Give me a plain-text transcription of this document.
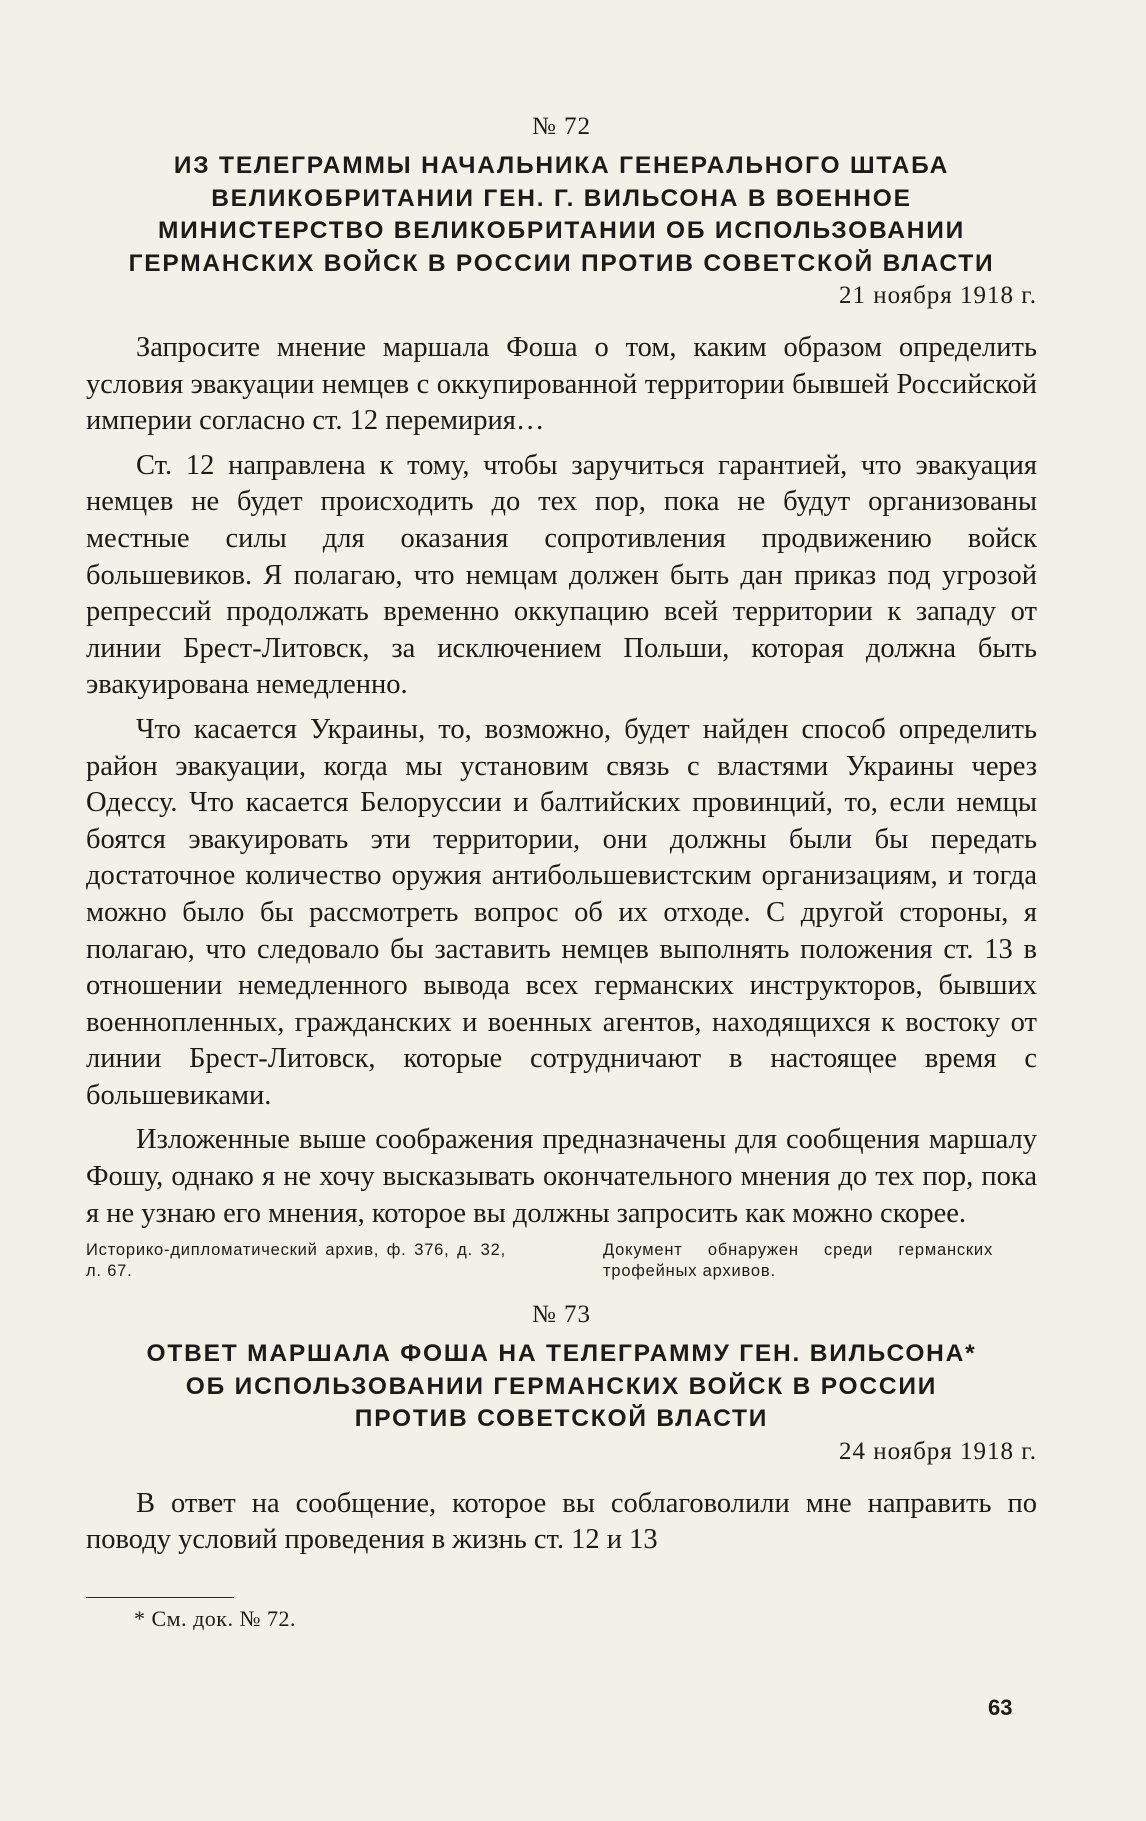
№ 72
ИЗ ТЕЛЕГРАММЫ НАЧАЛЬНИКА ГЕНЕРАЛЬНОГО ШТАБА
ВЕЛИКОБРИТАНИИ ГЕН. Г. ВИЛЬСОНА В ВОЕННОЕ
МИНИСТЕРСТВО ВЕЛИКОБРИТАНИИ ОБ ИСПОЛЬЗОВАНИИ
ГЕРМАНСКИХ ВОЙСК В РОССИИ ПРОТИВ СОВЕТСКОЙ ВЛАСТИ
21 ноября 1918 г.

Запросите мнение маршала Фоша о том, каким образом определить условия эвакуации немцев с оккупированной территории бывшей Российской империи согласно ст. 12 перемирия…

Ст. 12 направлена к тому, чтобы заручиться гарантией, что эвакуация немцев не будет происходить до тех пор, пока не будут организованы местные силы для оказания сопротивления продвижению войск большевиков. Я полагаю, что немцам должен быть дан приказ под угрозой репрессий продолжать временно оккупацию всей территории к западу от линии Брест-Литовск, за исключением Польши, которая должна быть эвакуирована немедленно.

Что касается Украины, то, возможно, будет найден способ определить район эвакуации, когда мы установим связь с властями Украины через Одессу. Что касается Белоруссии и балтийских провинций, то, если немцы боятся эвакуировать эти территории, они должны были бы передать достаточное количество оружия антибольшевистским организациям, и тогда можно было бы рассмотреть вопрос об их отходе. С другой стороны, я полагаю, что следовало бы заставить немцев выполнять положения ст. 13 в отношении немедленного вывода всех германских инструкторов, бывших военнопленных, гражданских и военных агентов, находящихся к востоку от линии Брест-Литовск, которые сотрудничают в настоящее время с большевиками.

Изложенные выше соображения предназначены для сообщения маршалу Фошу, однако я не хочу высказывать окончательного мнения до тех пор, пока я не узнаю его мнения, которое вы должны запросить как можно скорее.

Историко-дипломатический архив, ф. 376, д. 32, л. 67.
Документ обнаружен среди германских трофейных архивов.
№ 73
ОТВЕТ МАРШАЛА ФОША НА ТЕЛЕГРАММУ ГЕН. ВИЛЬСОНА*
ОБ ИСПОЛЬЗОВАНИИ ГЕРМАНСКИХ ВОЙСК В РОССИИ
ПРОТИВ СОВЕТСКОЙ ВЛАСТИ
24 ноября 1918 г.

В ответ на сообщение, которое вы соблаговолили мне направить по поводу условий проведения в жизнь ст. 12 и 13

* См. док. № 72.
63
